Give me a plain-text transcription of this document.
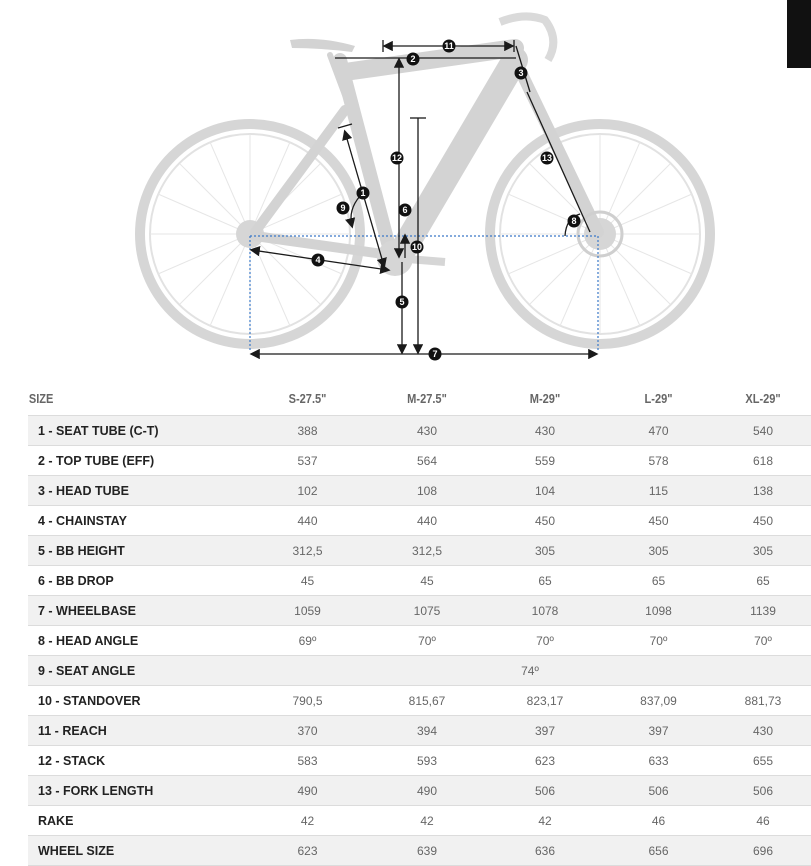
11
2
3
12	13
1
9	6
8
10
4
5
7
SIZE	S-27.5"	M-27.5"	M-29"	L-29"	XL-29"
1 - SEAT TUBE (C-T)	388	430	430	470	540
2 - TOP TUBE (EFF)	537	564	559	578	618
3 - HEAD TUBE	102	108	104	115	138
4 - CHAINSTAY	440	440	450	450	450
5 - BB HEIGHT	312,5	312,5	305	305	305
6 - BB DROP	45	45	65	65	65
7 - WHEELBASE	1059	1075	1078	1098	1139
8 - HEAD ANGLE	69º	70º	70º	70º	70º
9 - SEAT ANGLE	74º				
10 - STANDOVER	790,5	815,67	823,17	837,09	881,73
11 - REACH	370	394	397	397	430
12 - STACK	583	593	623	633	655
13 - FORK LENGTH	490	490	506	506	506
RAKE	42	42	42	46	46
WHEEL SIZE	623	639	636	656	696
